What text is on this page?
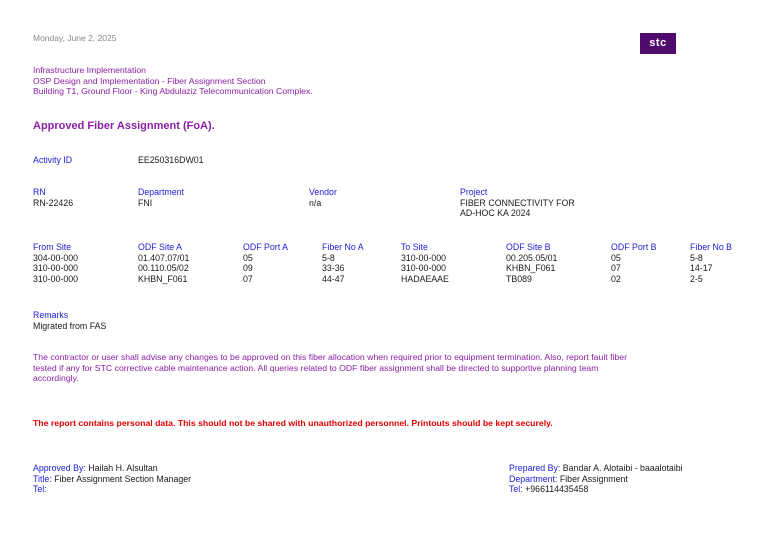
Monday, June 2, 2025	stc
Infrastructure Implementation
OSP Design and Implementation - Fiber Assignment Section
Building T1, Ground Floor - King Abdulaziz Telecommunication Complex.
Approved Fiber Assignment (FoA).
Activity ID	EE250316DW01
RN
RN-22426
Department
FNI
Vendor
n/a
Project
FIBER CONNECTIVITY FOR
AD-HOC KA 2024
From Site	ODF Site A	ODF Port A	Fiber No A	To Site	ODF Site B	ODF Port B	Fiber No B
304-00-000	01.407.07/01	05	5-8	310-00-000	00.205.05/01	05	5-8
310-00-000	00.110.05/02	09	33-36	310-00-000	KHBN_F061	07	14-17
310-00-000	KHBN_F061	07	44-47	HADAEAAE	TB089	02	2-5
Remarks
Migrated from FAS
The contractor or user shall advise any changes to be approved on this fiber allocation when required prior to equipment termination. Also, report fault fiber
tested if any for STC corrective cable maintenance action. All queries related to ODF fiber assignment shall be directed to supportive planning team
accordingly.
The report contains personal data. This should not be shared with unauthorized personnel. Printouts should be kept securely.
Approved By: Hailah H. Alsultan
Title: Fiber Assignment Section Manager
Tel:
Prepared By: Bandar A. Alotaibi - baaalotaibi
Department: Fiber Assignment
Tel: +966114435458
